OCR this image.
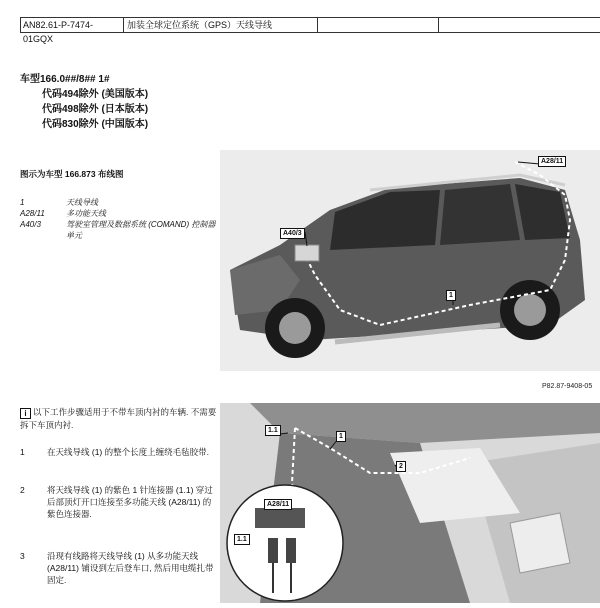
AN82.61-P-7474-01GQX
加装全球定位系统（GPS）天线导线
车型166.0##/8## 1#
代码494除外 (美国版本)
代码498除外 (日本版本)
代码830除外 (中国版本)
图示为车型 166.873 布线图
1	天线导线
A28/11	多功能天线
A40/3	驾驶室管理及数据系统 (COMAND) 控制器单元
A28/11
A40/3
1
P82.87-9408-05
i 以下工作步骤适用于不带车顶内衬的车辆. 不需要拆下车顶内衬.
1	在天线导线 (1) 的整个长度上缠绕毛毡胶带.
2	将天线导线 (1) 的紫色 1 针连接器 (1.1) 穿过后部顶灯开口连接至多功能天线 (A28/11) 的紫色连接器.
3	沿现有线路将天线导线 (1) 从多功能天线 (A28/11) 铺设到左后登车口, 然后用电缆扎带固定.
1.1
1
2
A28/11
1.1
